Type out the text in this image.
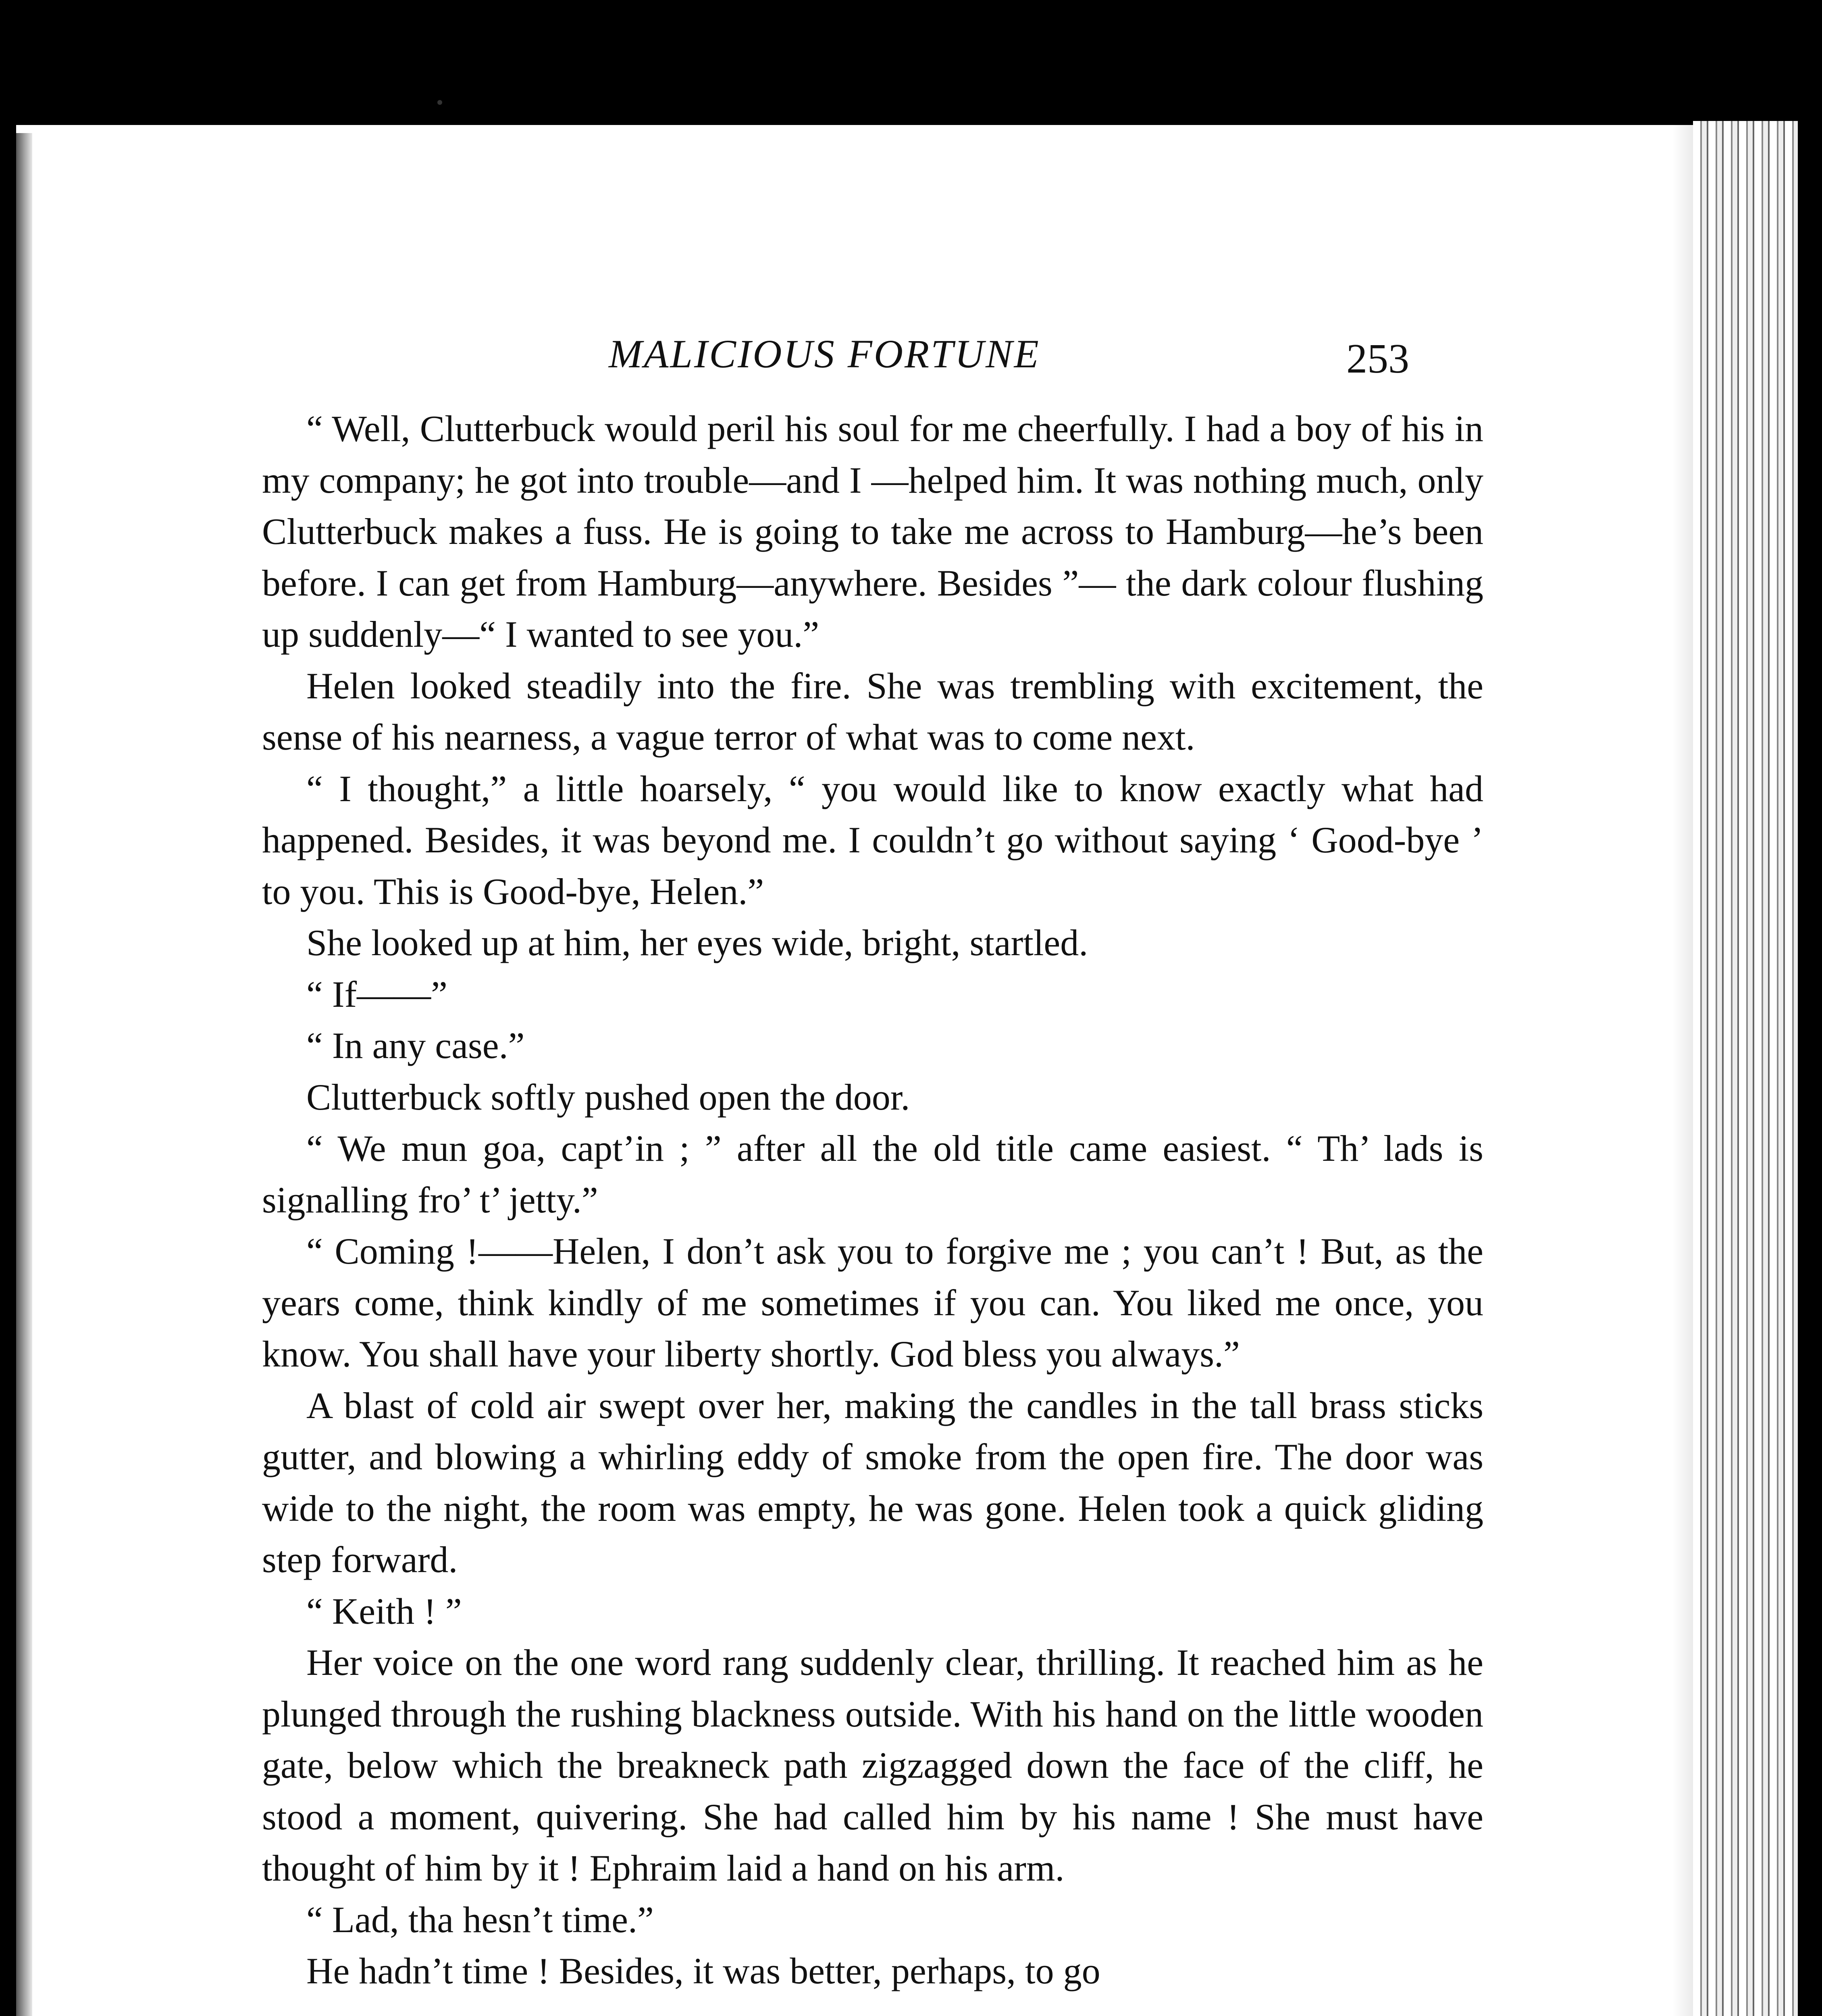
MALICIOUS FORTUNE	253

“ Well, Clutterbuck would peril his soul for me cheerfully. I had a boy of his in my company; he got into trouble—and I —helped him. It was nothing much, only Clutterbuck makes a fuss. He is going to take me across to Hamburg—he’s been before. I can get from Hamburg—anywhere. Besides ”— the dark colour flushing up suddenly—“ I wanted to see you.”

Helen looked steadily into the fire. She was trembling with excitement, the sense of his nearness, a vague terror of what was to come next.

“ I thought,” a little hoarsely, “ you would like to know exactly what had happened. Besides, it was beyond me. I couldn’t go without saying ‘ Good-bye ’ to you. This is Good-bye, Helen.”

She looked up at him, her eyes wide, bright, startled.

“ If——”

“ In any case.”

Clutterbuck softly pushed open the door.

“ We mun goa, capt’in ; ” after all the old title came easiest. “ Th’ lads is signalling fro’ t’ jetty.”

“ Coming !——Helen, I don’t ask you to forgive me ; you can’t ! But, as the years come, think kindly of me sometimes if you can. You liked me once, you know. You shall have your liberty shortly. God bless you always.”

A blast of cold air swept over her, making the candles in the tall brass sticks gutter, and blowing a whirling eddy of smoke from the open fire. The door was wide to the night, the room was empty, he was gone. Helen took a quick gliding step forward.

“ Keith ! ”

Her voice on the one word rang suddenly clear, thrilling. It reached him as he plunged through the rushing blackness outside. With his hand on the little wooden gate, below which the breakneck path zigzagged down the face of the cliff, he stood a moment, quivering. She had called him by his name ! She must have thought of him by it ! Ephraim laid a hand on his arm.

“ Lad, tha hesn’t time.”

He hadn’t time ! Besides, it was better, perhaps, to go
